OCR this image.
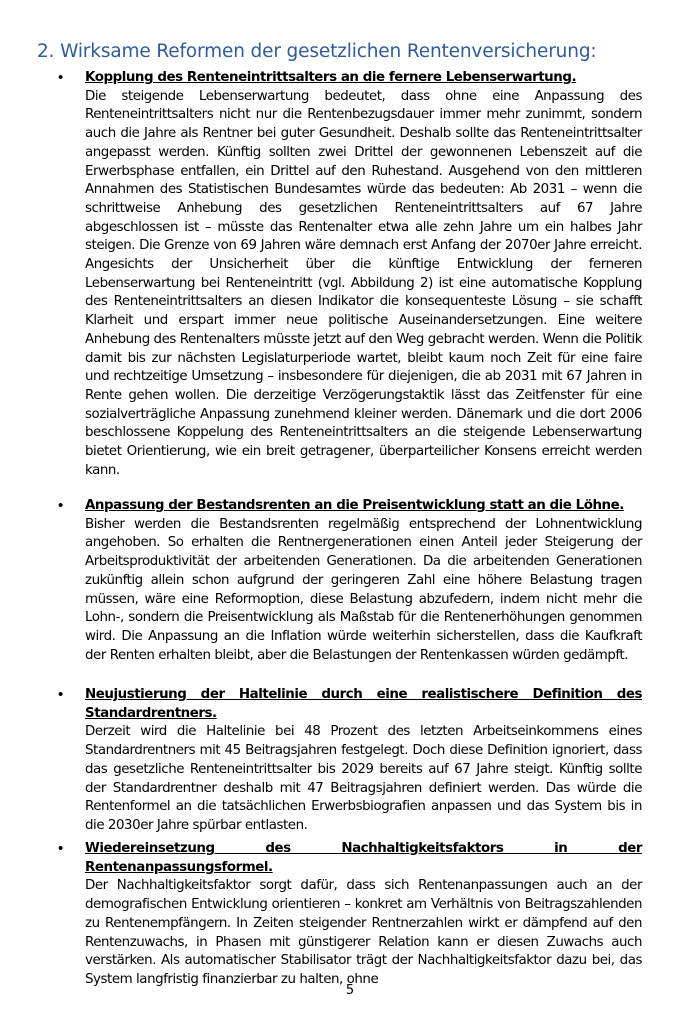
2. Wirksame Reformen der gesetzlichen Rentenversicherung:
• Kopplung des Renteneintrittsalters an die fernere Lebenserwartung.
Die steigende Lebenserwartung bedeutet, dass ohne eine Anpassung des Renteneintrittsalters nicht nur die Rentenbezugsdauer immer mehr zunimmt, sondern auch die Jahre als Rentner bei guter Gesundheit. Deshalb sollte das Renteneintrittsalter angepasst werden. Künftig sollten zwei Drittel der gewonnenen Lebenszeit auf die Erwerbsphase entfallen, ein Drittel auf den Ruhestand. Ausgehend von den mittleren Annahmen des Statistischen Bundesamtes würde das bedeuten: Ab 2031 – wenn die schrittweise Anhebung des gesetzlichen Renteneintrittsalters auf 67 Jahre abgeschlossen ist – müsste das Rentenalter etwa alle zehn Jahre um ein halbes Jahr steigen. Die Grenze von 69 Jahren wäre demnach erst Anfang der 2070er Jahre erreicht. Angesichts der Unsicherheit über die künftige Entwicklung der ferneren Lebenserwartung bei Renteneintritt (vgl. Abbildung 2) ist eine automatische Kopplung des Renteneintrittsalters an diesen Indikator die konsequenteste Lösung – sie schafft Klarheit und erspart immer neue politische Auseinandersetzungen. Eine weitere Anhebung des Rentenalters müsste jetzt auf den Weg gebracht werden. Wenn die Politik damit bis zur nächsten Legislaturperiode wartet, bleibt kaum noch Zeit für eine faire und rechtzeitige Umsetzung – insbesondere für diejenigen, die ab 2031 mit 67 Jahren in Rente gehen wollen. Die derzeitige Verzögerungstaktik lässt das Zeitfenster für eine sozialverträgliche Anpassung zunehmend kleiner werden. Dänemark und die dort 2006 beschlossene Koppelung des Renteneintrittsalters an die steigende Lebenserwartung bietet Orientierung, wie ein breit getragener, überparteilicher Konsens erreicht werden kann.
• Anpassung der Bestandsrenten an die Preisentwicklung statt an die Löhne.
Bisher werden die Bestandsrenten regelmäßig entsprechend der Lohnentwicklung angehoben. So erhalten die Rentnergenerationen einen Anteil jeder Steigerung der Arbeitsproduktivität der arbeitenden Generationen. Da die arbeitenden Generationen zukünftig allein schon aufgrund der geringeren Zahl eine höhere Belastung tragen müssen, wäre eine Reformoption, diese Belastung abzufedern, indem nicht mehr die Lohn-, sondern die Preisentwicklung als Maßstab für die Rentenerhöhungen genommen wird. Die Anpassung an die Inflation würde weiterhin sicherstellen, dass die Kaufkraft der Renten erhalten bleibt, aber die Belastungen der Rentenkassen würden gedämpft.
• Neujustierung der Haltelinie durch eine realistischere Definition des Standardrentners.
Derzeit wird die Haltelinie bei 48 Prozent des letzten Arbeitseinkommens eines Standardrentners mit 45 Beitragsjahren festgelegt. Doch diese Definition ignoriert, dass das gesetzliche Renteneintrittsalter bis 2029 bereits auf 67 Jahre steigt. Künftig sollte der Standardrentner deshalb mit 47 Beitragsjahren definiert werden. Das würde die Rentenformel an die tatsächlichen Erwerbsbiografien anpassen und das System bis in die 2030er Jahre spürbar entlasten.
• Wiedereinsetzung des Nachhaltigkeitsfaktors in der Rentenanpassungsformel.
Der Nachhaltigkeitsfaktor sorgt dafür, dass sich Rentenanpassungen auch an der demografischen Entwicklung orientieren – konkret am Verhältnis von Beitragszahlenden zu Rentenempfängern. In Zeiten steigender Rentnerzahlen wirkt er dämpfend auf den Rentenzuwachs, in Phasen mit günstigerer Relation kann er diesen Zuwachs auch verstärken. Als automatischer Stabilisator trägt der Nachhaltigkeitsfaktor dazu bei, das System langfristig finanzierbar zu halten, ohne
5
